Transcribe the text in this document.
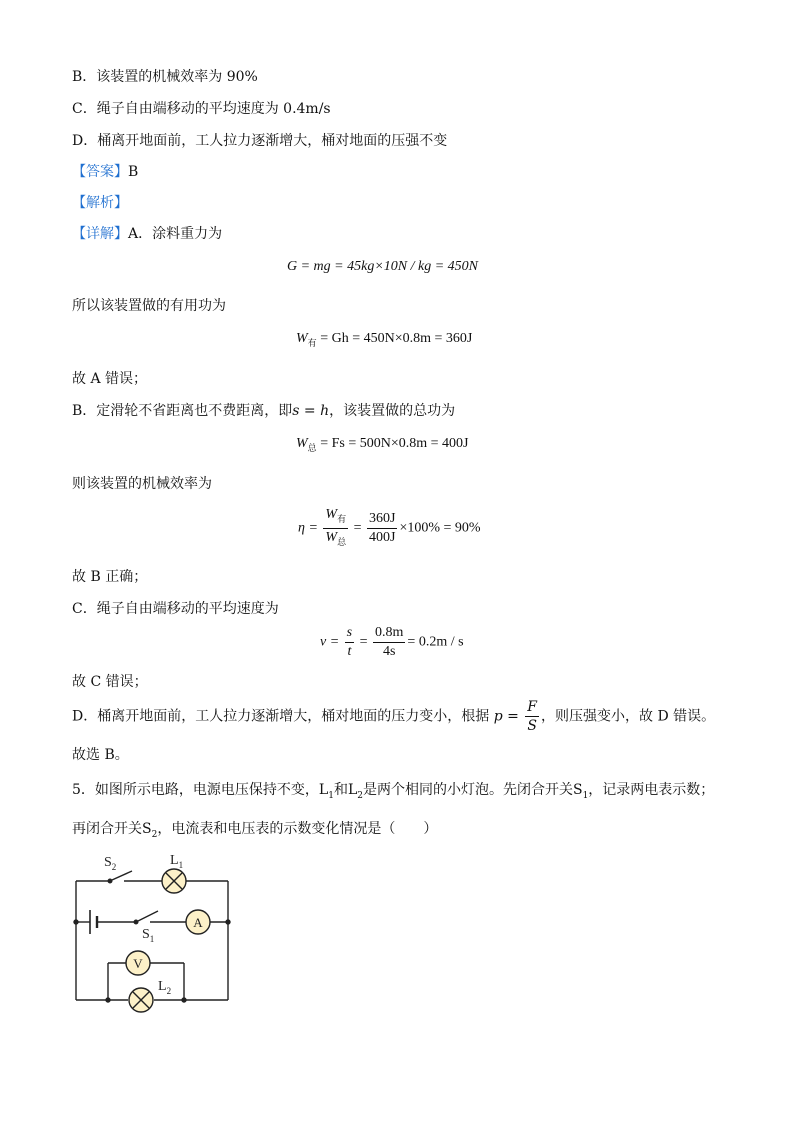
B．该装置的机械效率为 90%
C．绳子自由端移动的平均速度为 0.4m/s
D．桶离开地面前，工人拉力逐渐增大，桶对地面的压强不变
【答案】B
【解析】
【详解】A．涂料重力为
G = mg = 45kg×10N / kg = 450N
所以该装置做的有用功为
$W_有 = Gh = 450N\times 0.8m = 360J$
故 A 错误；
B．定滑轮不省距离也不费距离，即s = h，该装置做的总功为
$W_总 = Fs = 500N\times 0.8m = 400J$
则该装置的机械效率为
$\eta = \frac{W_有}{W_总} = \frac{360J}{400J} \times 100\% = 90\%$
故 B 正确；
C．绳子自由端移动的平均速度为
$v = \frac{s}{t} = \frac{0.8m}{4s} = 0.2m / s$
故 C 错误；
D．桶离开地面前，工人拉力逐渐增大，桶对地面的压力变小，根据 $p = \frac{F}{S}$ ，则压强变小，故 D 错误。
故选 B。
5．如图所示电路，电源电压保持不变，$L_1$和$L_2$是两个相同的小灯泡。先闭合开关$S_1$，记录两电表示数；
再闭合开关$S_2$，电流表和电压表的示数变化情况是（　　）
$S_2$	$L_1$
A
$S_1$
V
$L_2$
